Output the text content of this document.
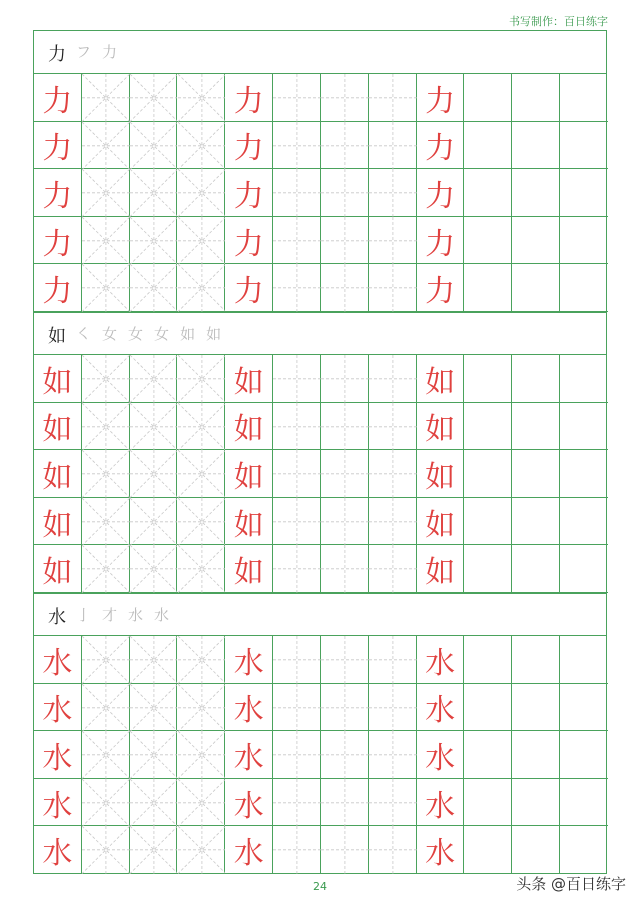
书写制作：百日练字
力 フ 力
力	力	力
力	力	力
力	力	力
力	力	力
力	力	力
如 ㇛ 女 女 女 如 如
如	如	如
如	如	如
如	如	如
如	如	如
如	如	如
水 亅 才 水 水
水	水	水
水	水	水
水	水	水
水	水	水
水	水	水
24	头条 @百日练字
